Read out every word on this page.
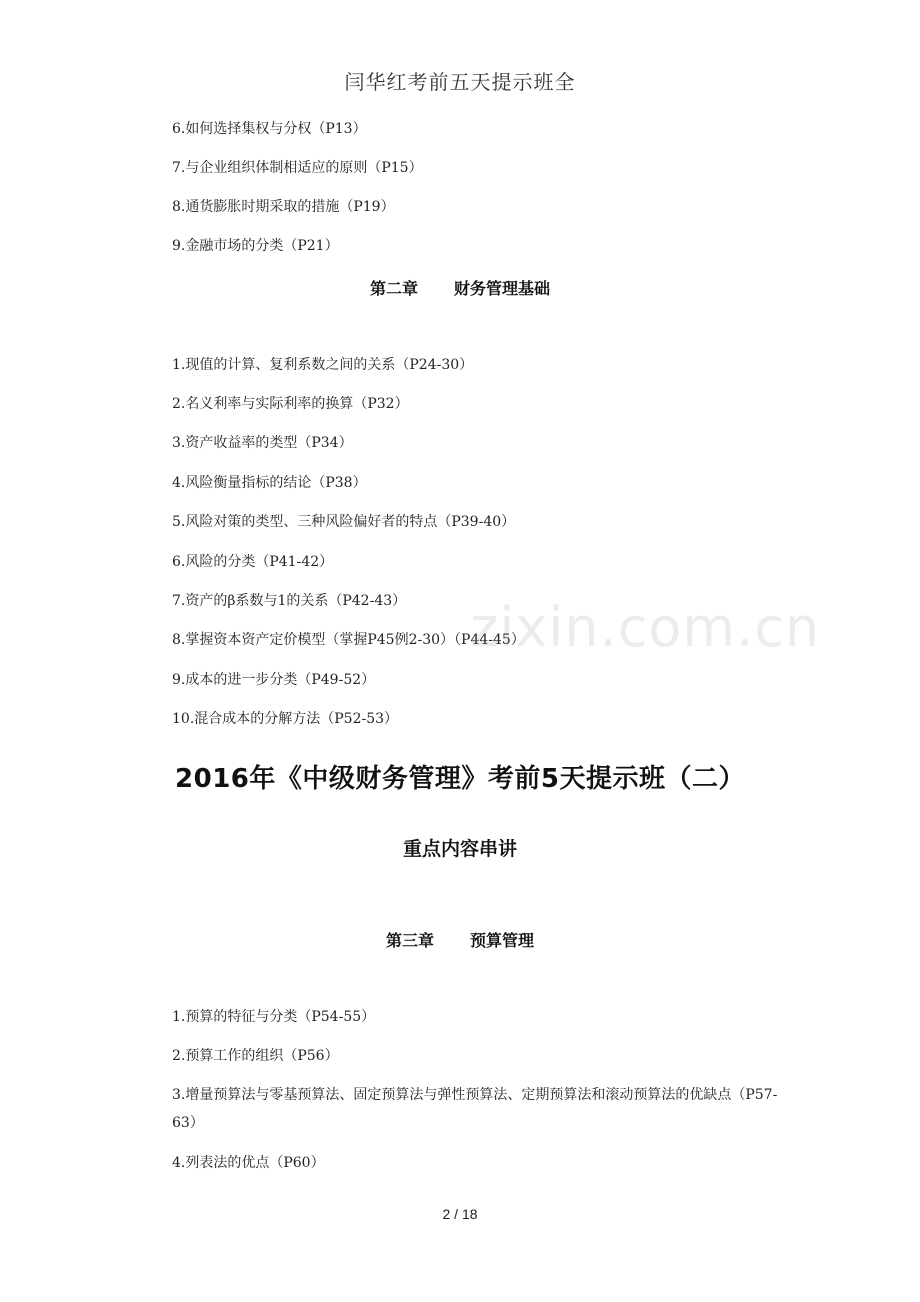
闫华红考前五天提示班全
6.如何选择集权与分权（P13）
7.与企业组织体制相适应的原则（P15）
8.通货膨胀时期采取的措施（P19）
9.金融市场的分类（P21）
第二章 财务管理基础
1.现值的计算、复利系数之间的关系（P24-30）
2.名义利率与实际利率的换算（P32）
3.资产收益率的类型（P34）
4.风险衡量指标的结论（P38）
5.风险对策的类型、三种风险偏好者的特点（P39-40）
6.风险的分类（P41-42）
7.资产的β系数与1的关系（P42-43）
8.掌握资本资产定价模型（掌握P45例2-30）（P44-45）
9.成本的进一步分类（P49-52）
10.混合成本的分解方法（P52-53）
2016年《中级财务管理》考前5天提示班（二）
重点内容串讲
第三章 预算管理
1.预算的特征与分类（P54-55）
2.预算工作的组织（P56）
3.增量预算法与零基预算法、固定预算法与弹性预算法、定期预算法和滚动预算法的优缺点（P57-63）
4.列表法的优点（P60）
zixin.com.cn
2 / 18
